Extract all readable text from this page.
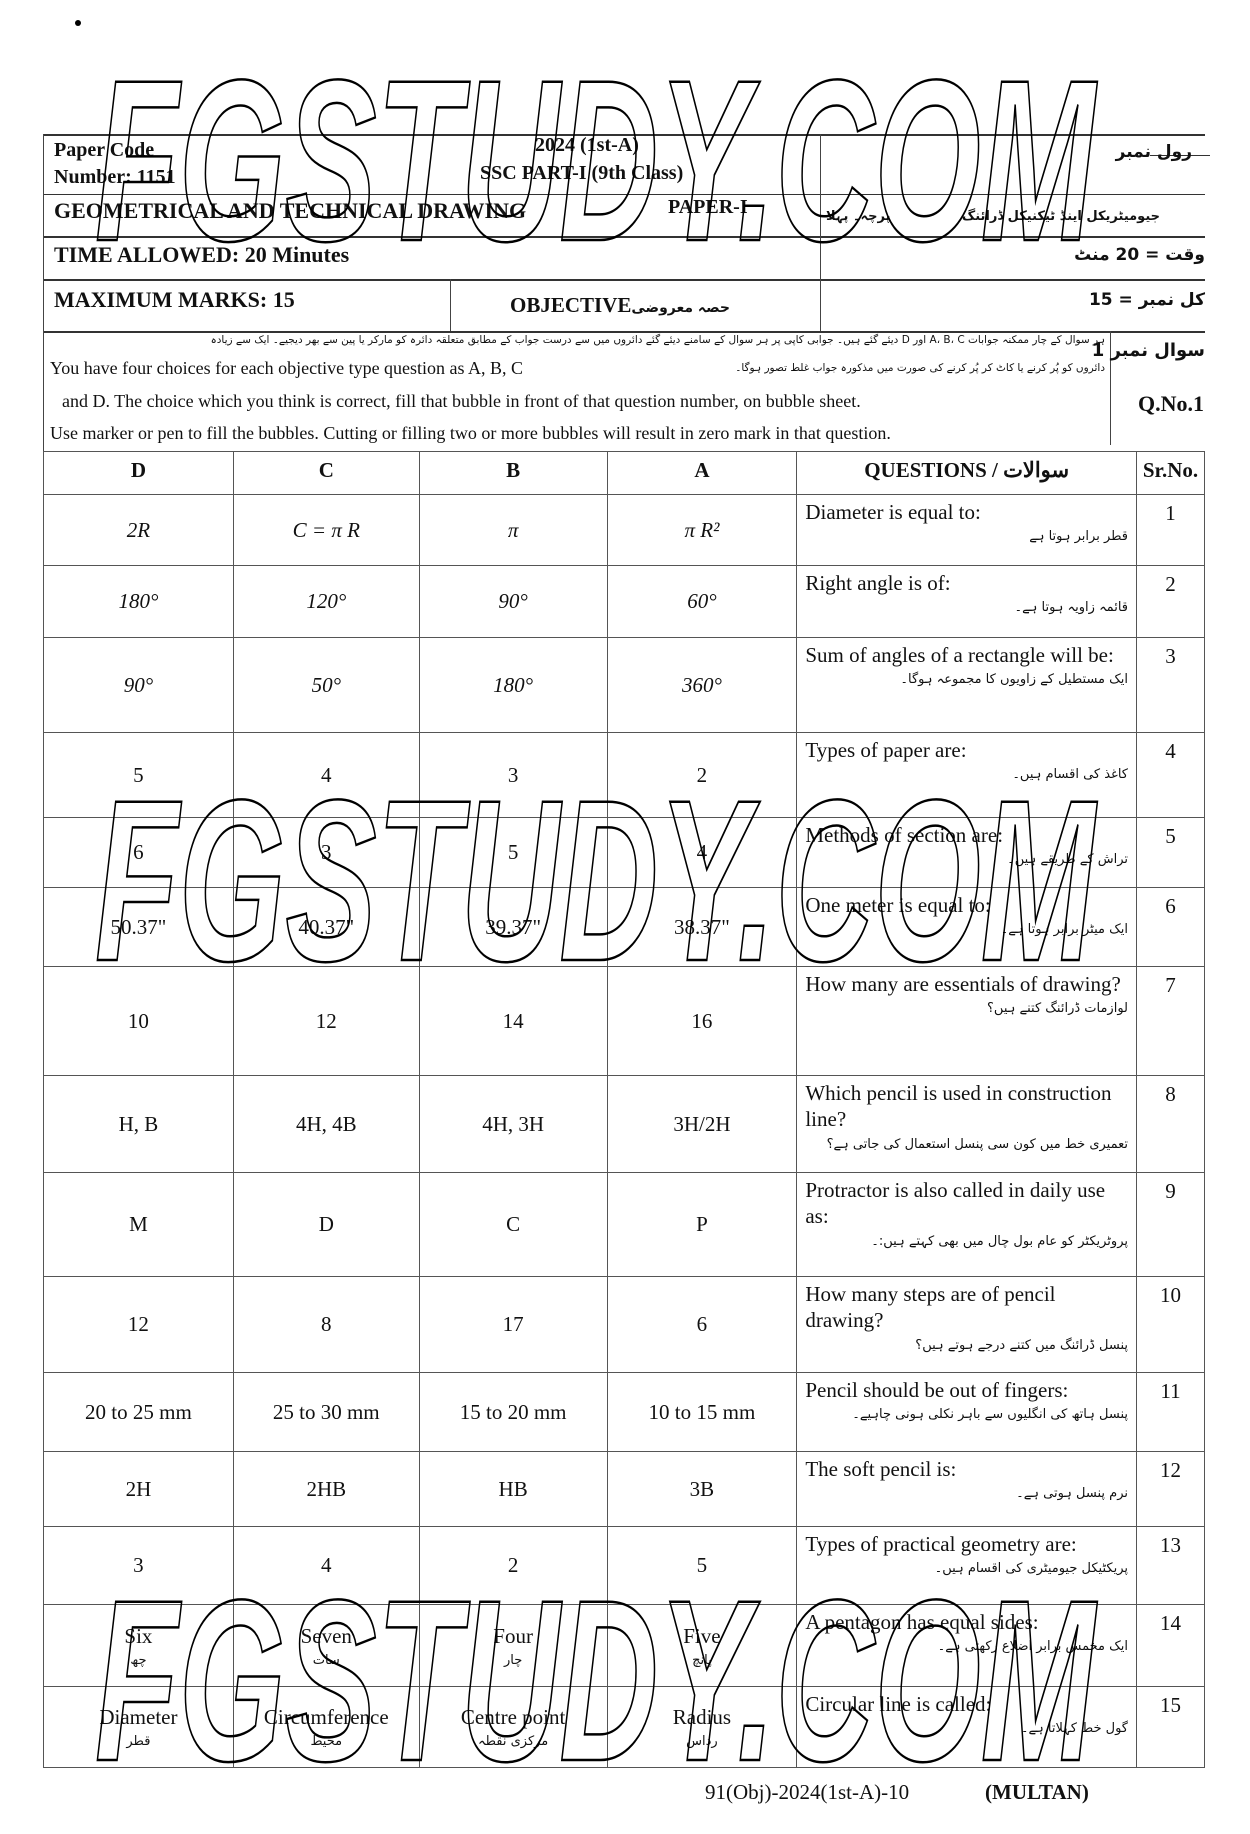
Paper Code
Number: 1151
2024 (1st-A)
SSC PART-I (9th Class)
رول نمبر
GEOMETRICAL AND TECHNICAL DRAWING	PAPER-I	جیومیٹریکل اینڈ ٹیکنیکل ڈرائنگ
پرچہ۔ پہلا
TIME ALLOWED: 20 Minutes	وقت = 20 منٹ
MAXIMUM MARKS: 15	OBJECTIVEحصہ معروضی	کل نمبر = 15
ہر سوال کے چار ممکنہ جوابات A، B، C اور D دیئے گئے ہیں۔ جوابی کاپی پر ہر سوال کے سامنے دیئے گئے دائروں میں سے درست جواب کے مطابق متعلقہ دائرہ کو مارکر یا پین سے بھر دیجیے۔ ایک سے زیادہ
You have four choices for each objective type question as A, B, C	دائروں کو پُر کرنے یا کاٹ کر پُر کرنے کی صورت میں مذکورہ جواب غلط تصور ہوگا۔
and D. The choice which you think is correct, fill that bubble in front of that question number, on bubble sheet.
Use marker or pen to fill the bubbles. Cutting or filling two or more bubbles will result in zero mark in that question.
سوال نمبر 1
Q.No.1
D	C	B	A	QUESTIONS / سوالات	Sr.No.
2R	C = π R	π	π R²	Diameter is equal to:
قطر برابر ہوتا ہے	1
180°	120°	90°	60°	Right angle is of:
قائمہ زاویہ ہوتا ہے۔	2
90°	50°	180°	360°	Sum of angles of a rectangle will be:
ایک مستطیل کے زاویوں کا مجموعہ ہوگا۔	3
5	4	3	2	Types of paper are:
کاغذ کی اقسام ہیں۔	4
6	3	5	4	Methods of section are:
تراش کے طریقے ہیں۔	5
50.37"	40.37"	39.37"	38.37"	One meter is equal to:
ایک میٹر برابر ہوتا ہے۔	6
10	12	14	16	How many are essentials of drawing?
لوازمات ڈرائنگ کتنے ہیں؟	7
H, B	4H, 4B	4H, 3H	3H/2H	Which pencil is used in construction line?
تعمیری خط میں کون سی پنسل استعمال کی جاتی ہے؟	8
M	D	C	P	Protractor is also called in daily use as:
پروٹریکٹر کو عام بول چال میں بھی کہتے ہیں:۔	9
12	8	17	6	How many steps are of pencil drawing?
پنسل ڈرائنگ میں کتنے درجے ہوتے ہیں؟	10
20 to 25 mm	25 to 30 mm	15 to 20 mm	10 to 15 mm	Pencil should be out of fingers:
پنسل ہاتھ کی انگلیوں سے باہر نکلی ہونی چاہیے۔	11
2H	2HB	HB	3B	The soft pencil is:
نرم پنسل ہوتی ہے۔	12
3	4	2	5	Types of practical geometry are:
پریکٹیکل جیومیٹری کی اقسام ہیں۔	13
Six
چھ	Seven
سات	Four
چار	Five
پانچ	A pentagon has equal sides:
ایک مخمس برابر اضلاع رکھتی ہے۔	14
Diameter
قطر	Circumference
محیط	Centre point
مرکزی نقطہ	Radius
رداس	Circular line is called:
گول خط کہلاتا ہے۔	15
91(Obj)-2024(1st-A)-10	(MULTAN)
FGSTUDY.COM
FGSTUDY.COM
FGSTUDY.COM
